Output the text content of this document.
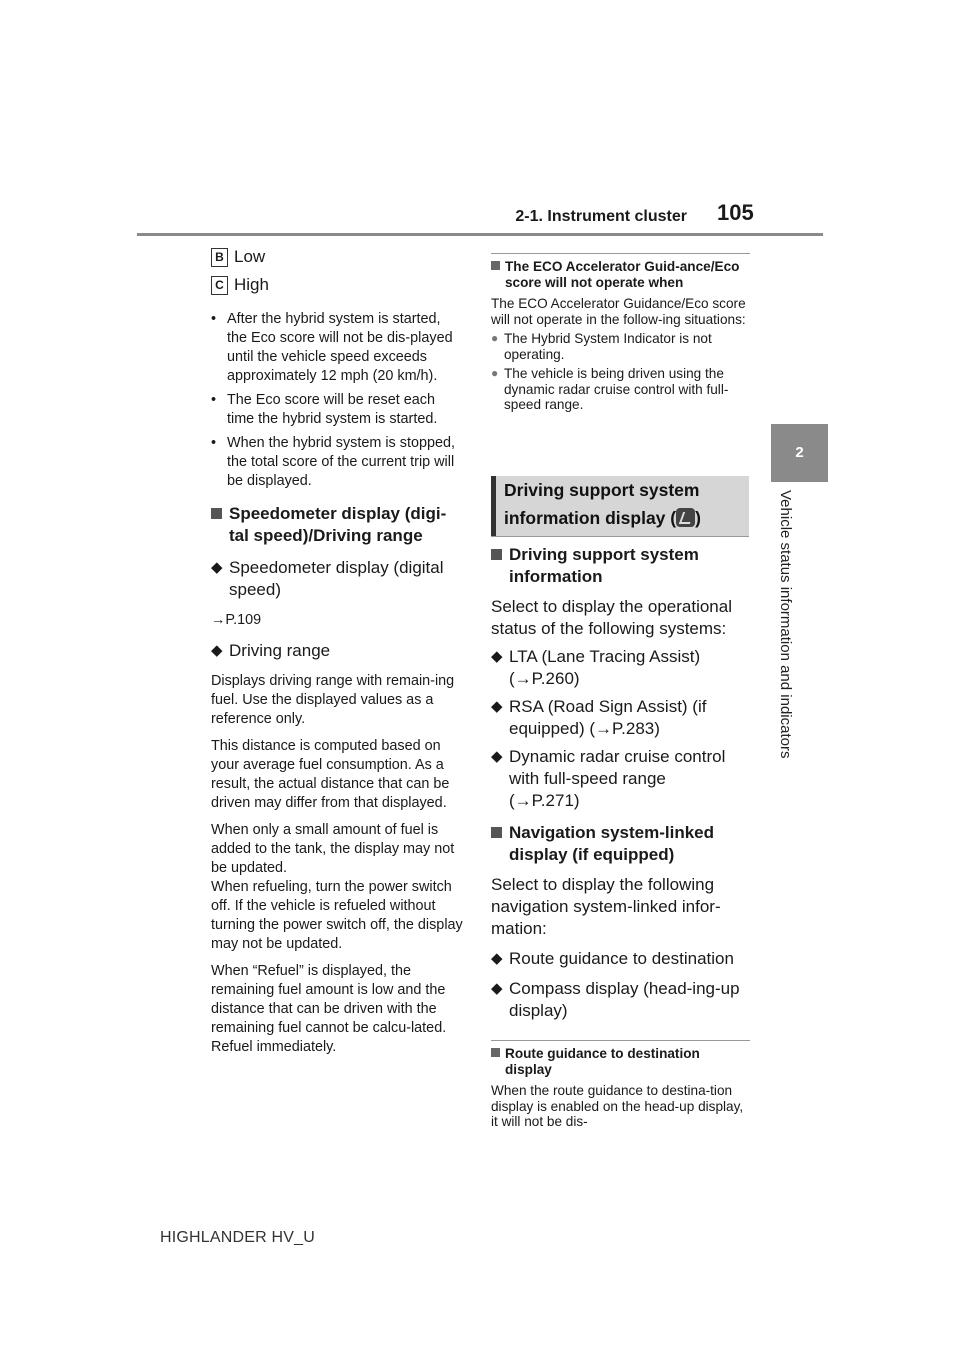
2-1. Instrument cluster 105
2
Vehicle status information and indicators
B Low
C High
• After the hybrid system is started, the Eco score will not be dis-played until the vehicle speed exceeds approximately 12 mph (20 km/h).
• The Eco score will be reset each time the hybrid system is started.
• When the hybrid system is stopped, the total score of the current trip will be displayed.
Speedometer display (digi-tal speed)/Driving range
◆ Speedometer display (digital speed)
→P.109
◆ Driving range

Displays driving range with remain-ing fuel. Use the displayed values as a reference only.

This distance is computed based on your average fuel consumption. As a result, the actual distance that can be driven may differ from that displayed.

When only a small amount of fuel is added to the tank, the display may not be updated.

When refueling, turn the power switch off. If the vehicle is refueled without turning the power switch off, the display may not be updated.

When “Refuel” is displayed, the remaining fuel amount is low and the distance that can be driven with the remaining fuel cannot be calcu-lated.

Refuel immediately.

The ECO Accelerator Guid-ance/Eco score will not operate when

The ECO Accelerator Guidance/Eco score will not operate in the follow-ing situations:

● The Hybrid System Indicator is not operating.
● The vehicle is being driven using the dynamic radar cruise control with full-speed range.
Driving support system
information display ( )
Driving support system information

Select to display the operational status of the following systems:

◆ LTA (Lane Tracing Assist)
(→P.260)
◆ RSA (Road Sign Assist) (if equipped) (→P.283)
◆ Dynamic radar cruise control with full-speed range
(→P.271)
Navigation system-linked display (if equipped)

Select to display the following navigation system-linked infor-mation:

◆ Route guidance to destination
◆ Compass display (head-ing-up display)
Route guidance to destination display

When the route guidance to destina-tion display is enabled on the head-up display, it will not be dis-

HIGHLANDER HV_U
